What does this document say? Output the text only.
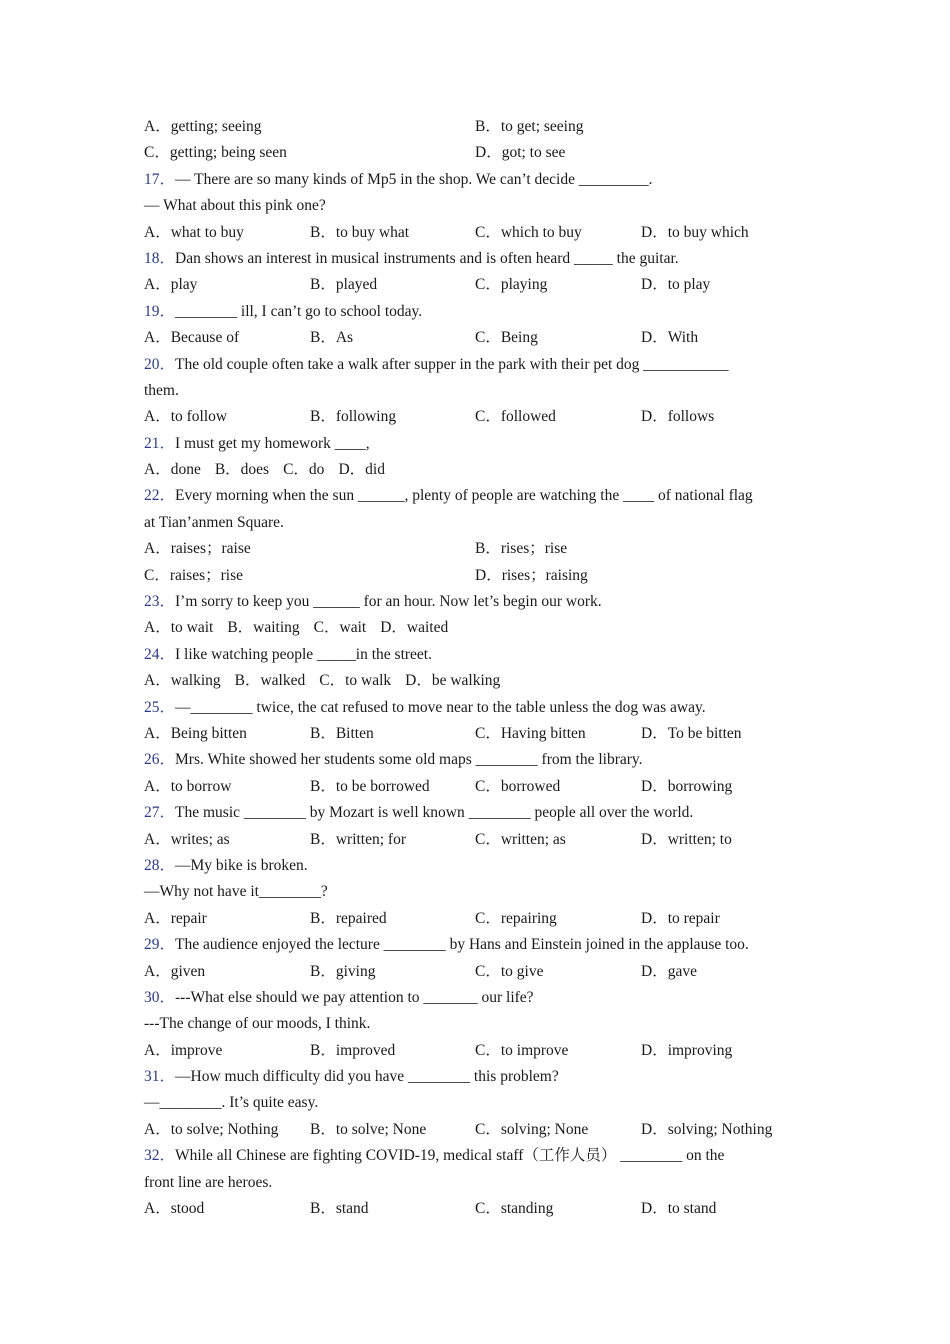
A．getting; seeing	B．to get; seeing
C．getting; being seen	D．got; to see
17．— There are so many kinds of Mp5 in the shop. We can’t decide _________.
— What about this pink one?
A．what to buy	B．to buy what	C．which to buy	D．to buy which
18．Dan shows an interest in musical instruments and is often heard _____ the guitar.
A．play	B．played	C．playing	D．to play
19．________ ill, I can’t go to school today.
A．Because of	B．As	C．Being	D．With
20．The old couple often take a walk after supper in the park with their pet dog ___________
them.
A．to follow	B．following	C．followed	D．follows
21．I must get my homework ____,
A．done B．does C．do D．did
22．Every morning when the sun ______, plenty of people are watching the ____ of national flag
at Tian’anmen Square.
A．raises；raise	B．rises；rise
C．raises；rise	D．rises；raising
23．I’m sorry to keep you ______ for an hour. Now let’s begin our work.
A．to wait B．waiting C．wait D．waited
24．I like watching people _____in the street.
A．walking B．walked C．to walk D．be walking
25．—________ twice, the cat refused to move near to the table unless the dog was away.
A．Being bitten	B．Bitten	C．Having bitten	D．To be bitten
26．Mrs. White showed her students some old maps ________ from the library.
A．to borrow	B．to be borrowed	C．borrowed	D．borrowing
27．The music ________ by Mozart is well known ________ people all over the world.
A．writes; as	B．written; for	C．written; as	D．written; to
28．—My bike is broken.
—Why not have it________?
A．repair	B．repaired	C．repairing	D．to repair
29．The audience enjoyed the lecture ________ by Hans and Einstein joined in the applause too.
A．given	B．giving	C．to give	D．gave
30．---What else should we pay attention to _______ our life?
---The change of our moods, I think.
A．improve	B．improved	C．to improve	D．improving
31．—How much difficulty did you have ________ this problem?
—________. It’s quite easy.
A．to solve; Nothing B．to solve; None	C．solving; None	D．solving; Nothing
32．While all Chinese are fighting COVID-19, medical staff（工作人员） ________ on the
front line are heroes.
A．stood	B．stand	C．standing	D．to stand
